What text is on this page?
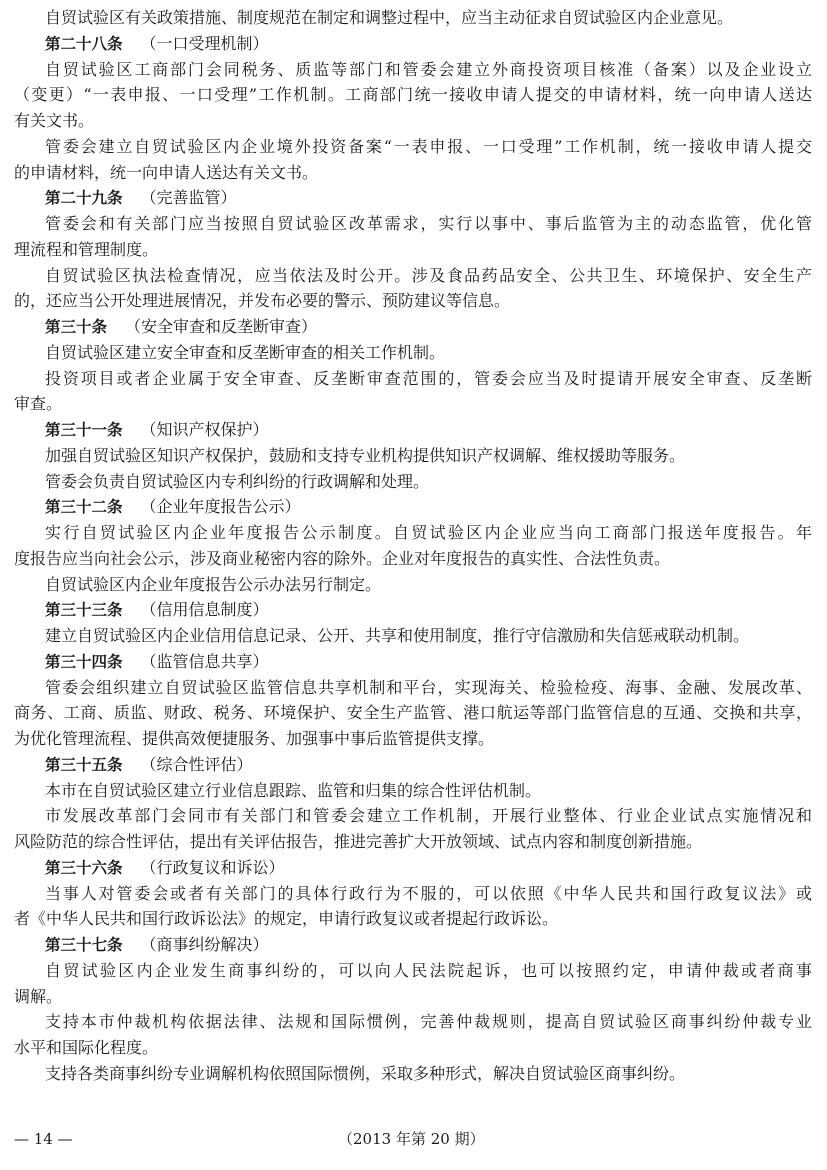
自贸试验区有关政策措施、制度规范在制定和调整过程中，应当主动征求自贸试验区内企业意见。
第二十八条 （一口受理机制）
自贸试验区工商部门会同税务、质监等部门和管委会建立外商投资项目核准（备案）以及企业设立
（变更）“一表申报、一口受理”工作机制。工商部门统一接收申请人提交的申请材料，统一向申请人送达
有关文书。
管委会建立自贸试验区内企业境外投资备案“一表申报、一口受理”工作机制，统一接收申请人提交
的申请材料，统一向申请人送达有关文书。
第二十九条 （完善监管）
管委会和有关部门应当按照自贸试验区改革需求，实行以事中、事后监管为主的动态监管，优化管
理流程和管理制度。
自贸试验区执法检查情况，应当依法及时公开。涉及食品药品安全、公共卫生、环境保护、安全生产
的，还应当公开处理进展情况，并发布必要的警示、预防建议等信息。
第三十条 （安全审查和反垄断审查）
自贸试验区建立安全审查和反垄断审查的相关工作机制。
投资项目或者企业属于安全审查、反垄断审查范围的，管委会应当及时提请开展安全审查、反垄断
审查。
第三十一条 （知识产权保护）
加强自贸试验区知识产权保护，鼓励和支持专业机构提供知识产权调解、维权援助等服务。
管委会负责自贸试验区内专利纠纷的行政调解和处理。
第三十二条 （企业年度报告公示）
实行自贸试验区内企业年度报告公示制度。自贸试验区内企业应当向工商部门报送年度报告。年
度报告应当向社会公示，涉及商业秘密内容的除外。企业对年度报告的真实性、合法性负责。
自贸试验区内企业年度报告公示办法另行制定。
第三十三条 （信用信息制度）
建立自贸试验区内企业信用信息记录、公开、共享和使用制度，推行守信激励和失信惩戒联动机制。
第三十四条 （监管信息共享）
管委会组织建立自贸试验区监管信息共享机制和平台，实现海关、检验检疫、海事、金融、发展改革、
商务、工商、质监、财政、税务、环境保护、安全生产监管、港口航运等部门监管信息的互通、交换和共享，
为优化管理流程、提供高效便捷服务、加强事中事后监管提供支撑。
第三十五条 （综合性评估）
本市在自贸试验区建立行业信息跟踪、监管和归集的综合性评估机制。
市发展改革部门会同市有关部门和管委会建立工作机制，开展行业整体、行业企业试点实施情况和
风险防范的综合性评估，提出有关评估报告，推进完善扩大开放领域、试点内容和制度创新措施。
第三十六条 （行政复议和诉讼）
当事人对管委会或者有关部门的具体行政行为不服的，可以依照《中华人民共和国行政复议法》或
者《中华人民共和国行政诉讼法》的规定，申请行政复议或者提起行政诉讼。
第三十七条 （商事纠纷解决）
自贸试验区内企业发生商事纠纷的，可以向人民法院起诉，也可以按照约定，申请仲裁或者商事
调解。
支持本市仲裁机构依据法律、法规和国际惯例，完善仲裁规则，提高自贸试验区商事纠纷仲裁专业
水平和国际化程度。
支持各类商事纠纷专业调解机构依照国际惯例，采取多种形式，解决自贸试验区商事纠纷。
— 14 —	（2013 年第 20 期）
